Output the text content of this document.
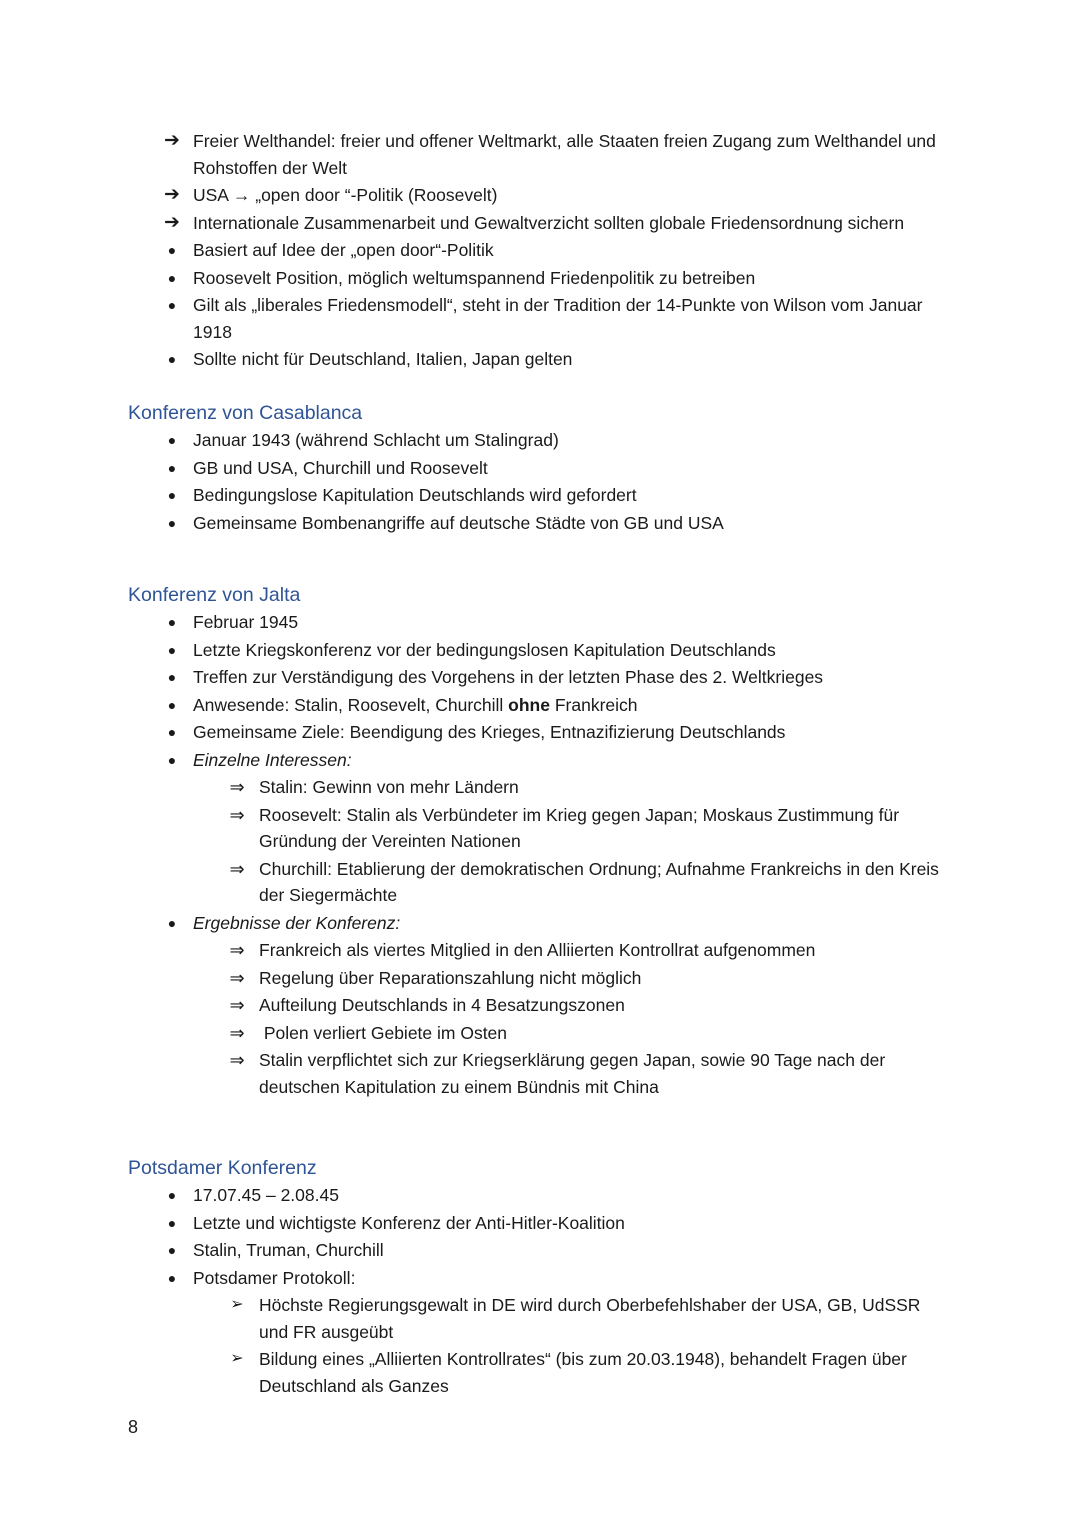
➔ Freier Welthandel: freier und offener Weltmarkt, alle Staaten freien Zugang zum Welthandel und Rohstoffen der Welt
➔ USA → „open door “-Politik (Roosevelt)
➔ Internationale Zusammenarbeit und Gewaltverzicht sollten globale Friedensordnung sichern
● Basiert auf Idee der „open door“-Politik
● Roosevelt Position, möglich weltumspannend Friedenpolitik zu betreiben
● Gilt als „liberales Friedensmodell“, steht in der Tradition der 14-Punkte von Wilson vom Januar 1918
● Sollte nicht für Deutschland, Italien, Japan gelten
Konferenz von Casablanca
● Januar 1943 (während Schlacht um Stalingrad)
● GB und USA, Churchill und Roosevelt
● Bedingungslose Kapitulation Deutschlands wird gefordert
● Gemeinsame Bombenangriffe auf deutsche Städte von GB und USA
Konferenz von Jalta
● Februar 1945
● Letzte Kriegskonferenz vor der bedingungslosen Kapitulation Deutschlands
● Treffen zur Verständigung des Vorgehens in der letzten Phase des 2. Weltkrieges
● Anwesende: Stalin, Roosevelt, Churchill ohne Frankreich
● Gemeinsame Ziele: Beendigung des Krieges, Entnazifizierung Deutschlands
● Einzelne Interessen:
⇒ Stalin: Gewinn von mehr Ländern
⇒ Roosevelt: Stalin als Verbündeter im Krieg gegen Japan; Moskaus Zustimmung für Gründung der Vereinten Nationen
⇒ Churchill: Etablierung der demokratischen Ordnung; Aufnahme Frankreichs in den Kreis der Siegermächte
● Ergebnisse der Konferenz:
⇒ Frankreich als viertes Mitglied in den Alliierten Kontrollrat aufgenommen
⇒ Regelung über Reparationszahlung nicht möglich
⇒ Aufteilung Deutschlands in 4 Besatzungszonen
⇒ Polen verliert Gebiete im Osten
⇒ Stalin verpflichtet sich zur Kriegserklärung gegen Japan, sowie 90 Tage nach der deutschen Kapitulation zu einem Bündnis mit China
Potsdamer Konferenz
● 17.07.45 – 2.08.45
● Letzte und wichtigste Konferenz der Anti-Hitler-Koalition
● Stalin, Truman, Churchill
● Potsdamer Protokoll:
➢ Höchste Regierungsgewalt in DE wird durch Oberbefehlshaber der USA, GB, UdSSR und FR ausgeübt
➢ Bildung eines „Alliierten Kontrollrates“ (bis zum 20.03.1948), behandelt Fragen über Deutschland als Ganzes
8
